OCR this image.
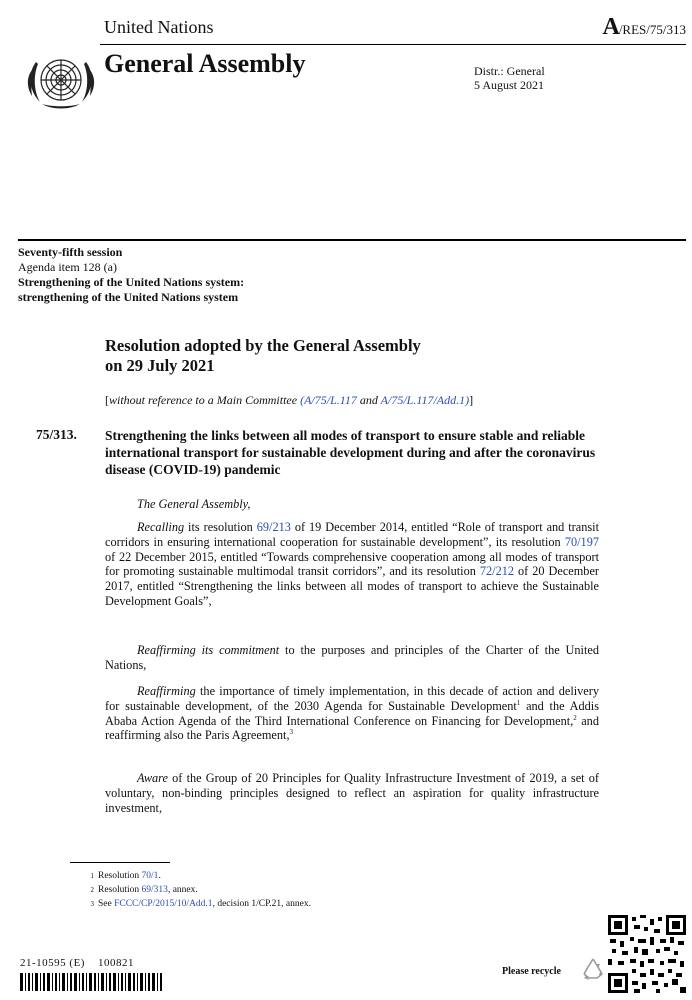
United Nations	A/RES/75/313
General Assembly	Distr.: General
5 August 2021
Seventy-fifth session
Agenda item 128 (a)
Strengthening of the United Nations system:
strengthening of the United Nations system
Resolution adopted by the General Assembly
on 29 July 2021
[without reference to a Main Committee (A/75/L.117 and A/75/L.117/Add.1)]
75/313. Strengthening the links between all modes of transport to ensure stable and reliable international transport for sustainable development during and after the coronavirus disease (COVID-19) pandemic
The General Assembly,
Recalling its resolution 69/213 of 19 December 2014, entitled “Role of transport and transit corridors in ensuring international cooperation for sustainable development”, its resolution 70/197 of 22 December 2015, entitled “Towards comprehensive cooperation among all modes of transport for promoting sustainable multimodal transit corridors”, and its resolution 72/212 of 20 December 2017, entitled “Strengthening the links between all modes of transport to achieve the Sustainable Development Goals”,
Reaffirming its commitment to the purposes and principles of the Charter of the United Nations,
Reaffirming the importance of timely implementation, in this decade of action and delivery for sustainable development, of the 2030 Agenda for Sustainable Development$^1$ and the Addis Ababa Action Agenda of the Third International Conference on Financing for Development,$^2$ and reaffirming also the Paris Agreement,$^3$
Aware of the Group of 20 Principles for Quality Infrastructure Investment of 2019, a set of voluntary, non-binding principles designed to reflect an aspiration for quality infrastructure investment,
1 Resolution 70/1.
2 Resolution 69/313, annex.
3 See FCCC/CP/2015/10/Add.1, decision 1/CP.21, annex.
21-10595 (E)    100821
Please recycle
